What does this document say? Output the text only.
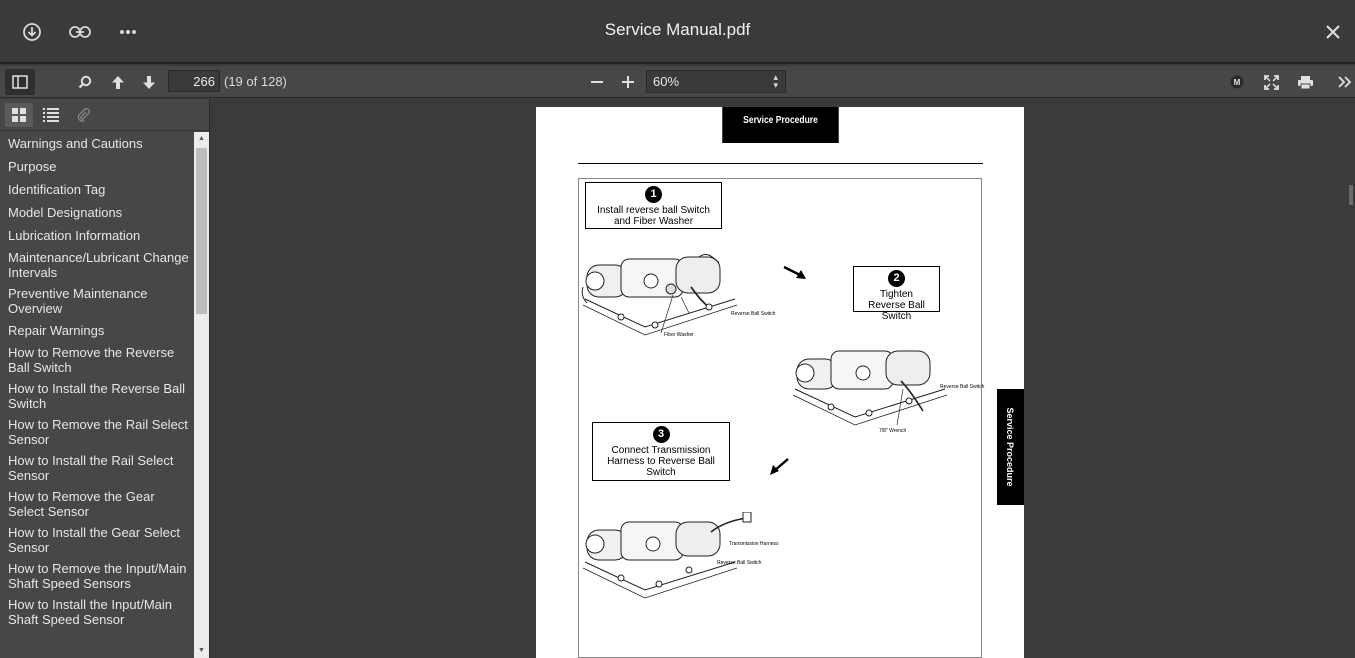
Service Manual.pdf
266
(19 of 128)	60%	▴
▾	M
Warnings and Cautions
Purpose
Identification Tag
Model Designations
Lubrication Information
Maintenance/Lubricant Change Intervals
Preventive Maintenance Overview
Repair Warnings
How to Remove the Reverse Ball Switch
How to Install the Reverse Ball Switch
How to Remove the Rail Select Sensor
How to Install the Rail Select Sensor
How to Remove the Gear Select Sensor
How to Install the Gear Select Sensor
How to Remove the Input/Main Shaft Speed Sensors
How to Install the Input/Main Shaft Speed Sensor
▲
▼
Service Procedure
1
Install reverse ball Switch and Fiber Washer
2
Tighten Reverse Ball Switch
3
Connect Transmission Harness to Reverse Ball Switch
Reverse Ball Switch
Fiber Washer
Reverse Ball Switch
7/8" Wrench
Transmission Harness
Reverse Ball Switch
Service Procedure
